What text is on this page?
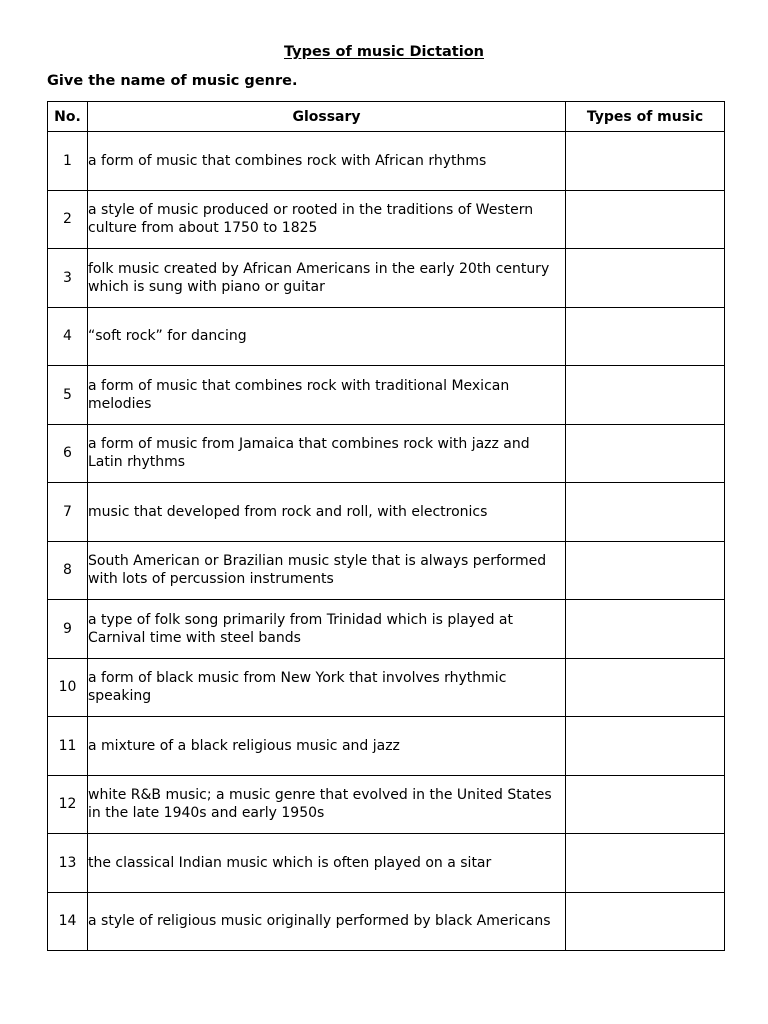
Types of music Dictation
Give the name of music genre.
No.	Glossary	Types of music
1	a form of music that combines rock with African rhythms	
2	a style of music produced or rooted in the traditions of Western culture from about 1750 to 1825	
3	folk music created by African Americans in the early 20th century which is sung with piano or guitar	
4	“soft rock” for dancing	
5	a form of music that combines rock with traditional Mexican melodies	
6	a form of music from Jamaica that combines rock with jazz and Latin rhythms	
7	music that developed from rock and roll, with electronics	
8	South American or Brazilian music style that is always performed with lots of percussion instruments	
9	a type of folk song primarily from Trinidad which is played at Carnival time with steel bands	
10	a form of black music from New York that involves rhythmic speaking	
11	a mixture of a black religious music and jazz	
12	white R&B music; a music genre that evolved in the United States in the late 1940s and early 1950s	
13	the classical Indian music which is often played on a sitar	
14	a style of religious music originally performed by black Americans	
